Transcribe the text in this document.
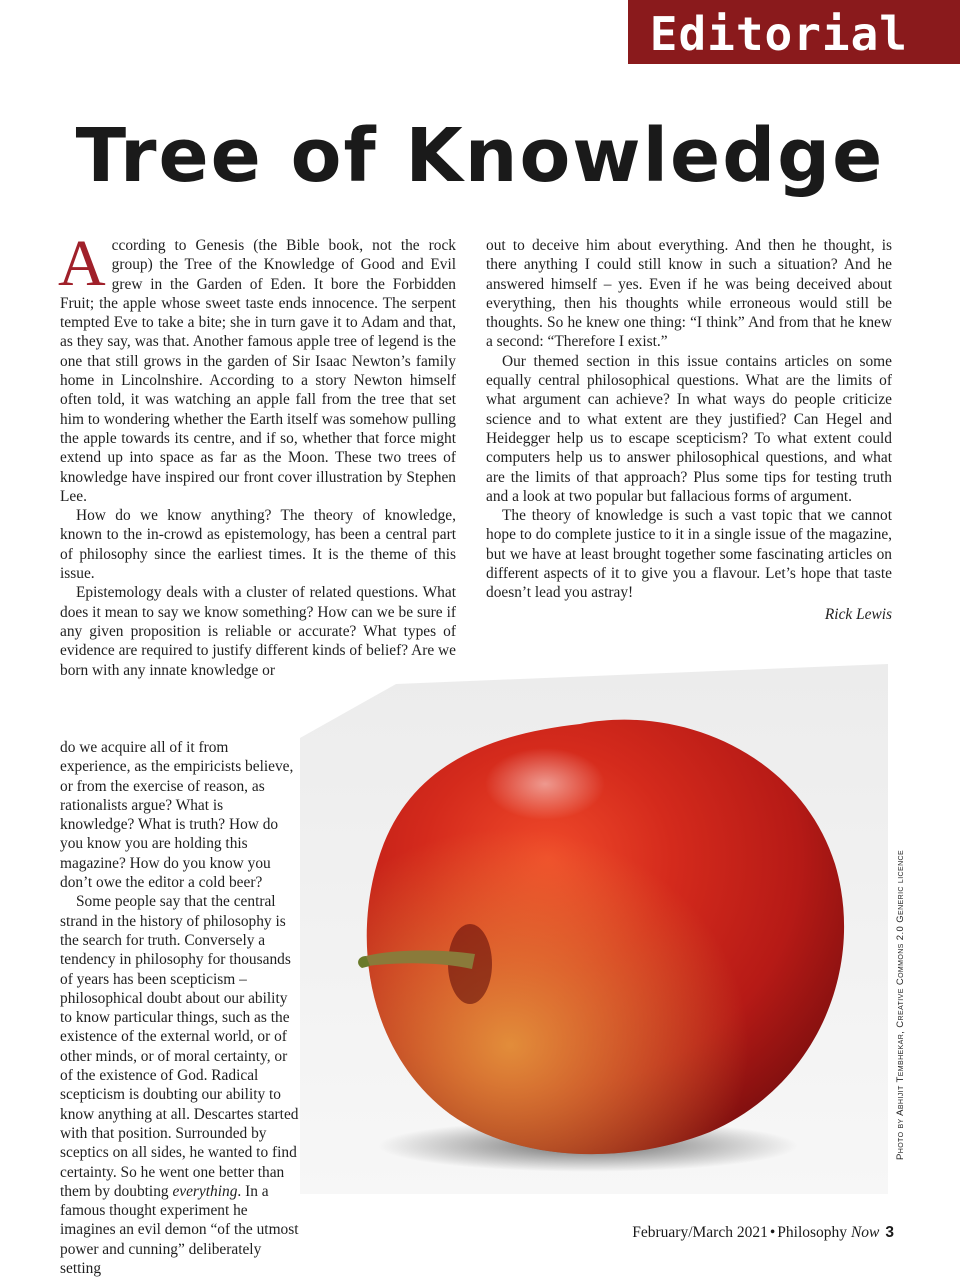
Editorial
Tree of Knowledge

According to Genesis (the Bible book, not the rock group) the Tree of the Knowledge of Good and Evil grew in the Garden of Eden. It bore the Forbidden Fruit; the apple whose sweet taste ends innocence. The serpent tempted Eve to take a bite; she in turn gave it to Adam and that, as they say, was that. Another famous apple tree of legend is the one that still grows in the garden of Sir Isaac Newton’s family home in Lincolnshire. According to a story Newton himself often told, it was watching an apple fall from the tree that set him to wondering whether the Earth itself was somehow pulling the apple towards its centre, and if so, whether that force might extend up into space as far as the Moon. These two trees of knowledge have inspired our front cover illustration by Stephen Lee.

How do we know anything? The theory of knowledge, known to the in-crowd as epistemology, has been a central part of philosophy since the earliest times. It is the theme of this issue.

Epistemology deals with a cluster of related questions. What does it mean to say we know something? How can we be sure if any given proposition is reliable or accurate? What types of evidence are required to justify different kinds of belief? Are we born with any innate knowledge or

do we acquire all of it from experience, as the empiricists believe, or from the exercise of reason, as rationalists argue? What is knowledge? What is truth? How do you know you are holding this magazine? How do you know you don’t owe the editor a cold beer?

Some people say that the central strand in the history of philosophy is the search for truth. Conversely a tendency in philosophy for thousands of years has been scepticism – philosophical doubt about our ability to know particular things, such as the existence of the external world, or of other minds, or of moral certainty, or of the existence of God. Radical scepticism is doubting our ability to know anything at all. Descartes started with that position. Surrounded by sceptics on all sides, he wanted to find certainty. So he went one better than them by doubting everything. In a famous thought experiment he imagines an evil demon “of the utmost power and cunning” deliberately setting

out to deceive him about everything. And then he thought, is there anything I could still know in such a situation? And he answered himself – yes. Even if he was being deceived about everything, then his thoughts while erroneous would still be thoughts. So he knew one thing: “I think” And from that he knew a second: “Therefore I exist.”

Our themed section in this issue contains articles on some equally central philosophical questions. What are the limits of what argument can achieve? In what ways do people criticize science and to what extent are they justified? Can Hegel and Heidegger help us to escape scepticism? To what extent could computers help us to answer philosophical questions, and what are the limits of that approach? Plus some tips for testing truth and a look at two popular but fallacious forms of argument.

The theory of knowledge is such a vast topic that we cannot hope to do complete justice to it in a single issue of the magazine, but we have at least brought together some fascinating articles on different aspects of it to give you a flavour. Let’s hope that taste doesn’t lead you astray!

Rick Lewis
Photo by Abhijit Tembhekar, Creative Commons 2.0 Generic licence
February/March 2021 • Philosophy Now 3
